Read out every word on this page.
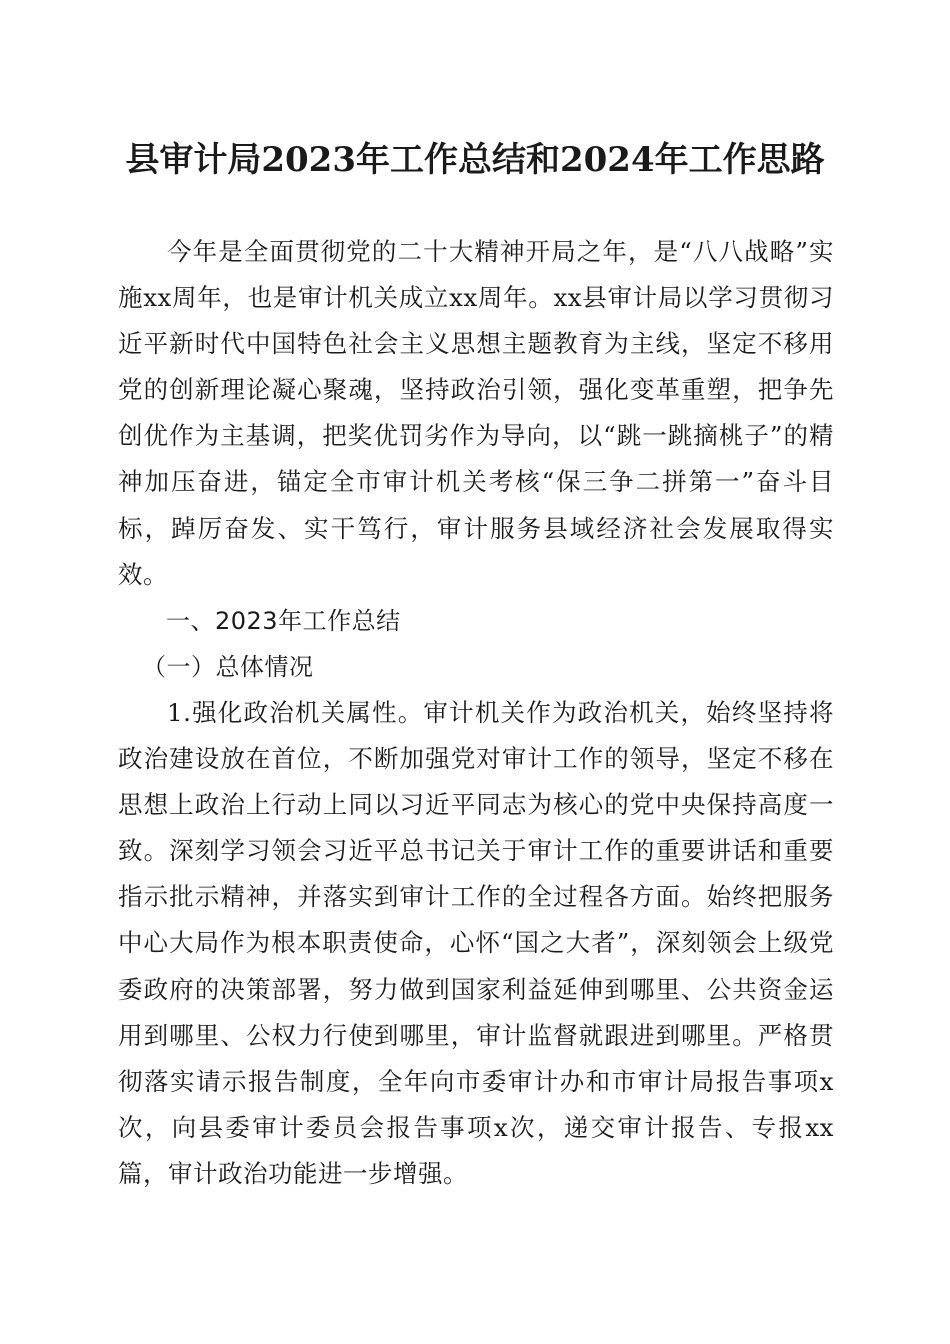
县审计局2023年工作总结和2024年工作思路

今年是全面贯彻党的二十大精神开局之年，是“八八战略”实施xx周年，也是审计机关成立xx周年。xx县审计局以学习贯彻习近平新时代中国特色社会主义思想主题教育为主线，坚定不移用党的创新理论凝心聚魂，坚持政治引领，强化变革重塑，把争先创优作为主基调，把奖优罚劣作为导向，以“跳一跳摘桃子”的精神加压奋进，锚定全市审计机关考核“保三争二拼第一”奋斗目标，踔厉奋发、实干笃行，审计服务县域经济社会发展取得实效。

一、2023年工作总结

（一）总体情况

1.强化政治机关属性。审计机关作为政治机关，始终坚持将政治建设放在首位，不断加强党对审计工作的领导，坚定不移在思想上政治上行动上同以习近平同志为核心的党中央保持高度一致。深刻学习领会习近平总书记关于审计工作的重要讲话和重要指示批示精神，并落实到审计工作的全过程各方面。始终把服务中心大局作为根本职责使命，心怀“国之大者”，深刻领会上级党委政府的决策部署，努力做到国家利益延伸到哪里、公共资金运用到哪里、公权力行使到哪里，审计监督就跟进到哪里。严格贯彻落实请示报告制度，全年向市委审计办和市审计局报告事项x次，向县委审计委员会报告事项x次，递交审计报告、专报xx篇，审计政治功能进一步增强。
